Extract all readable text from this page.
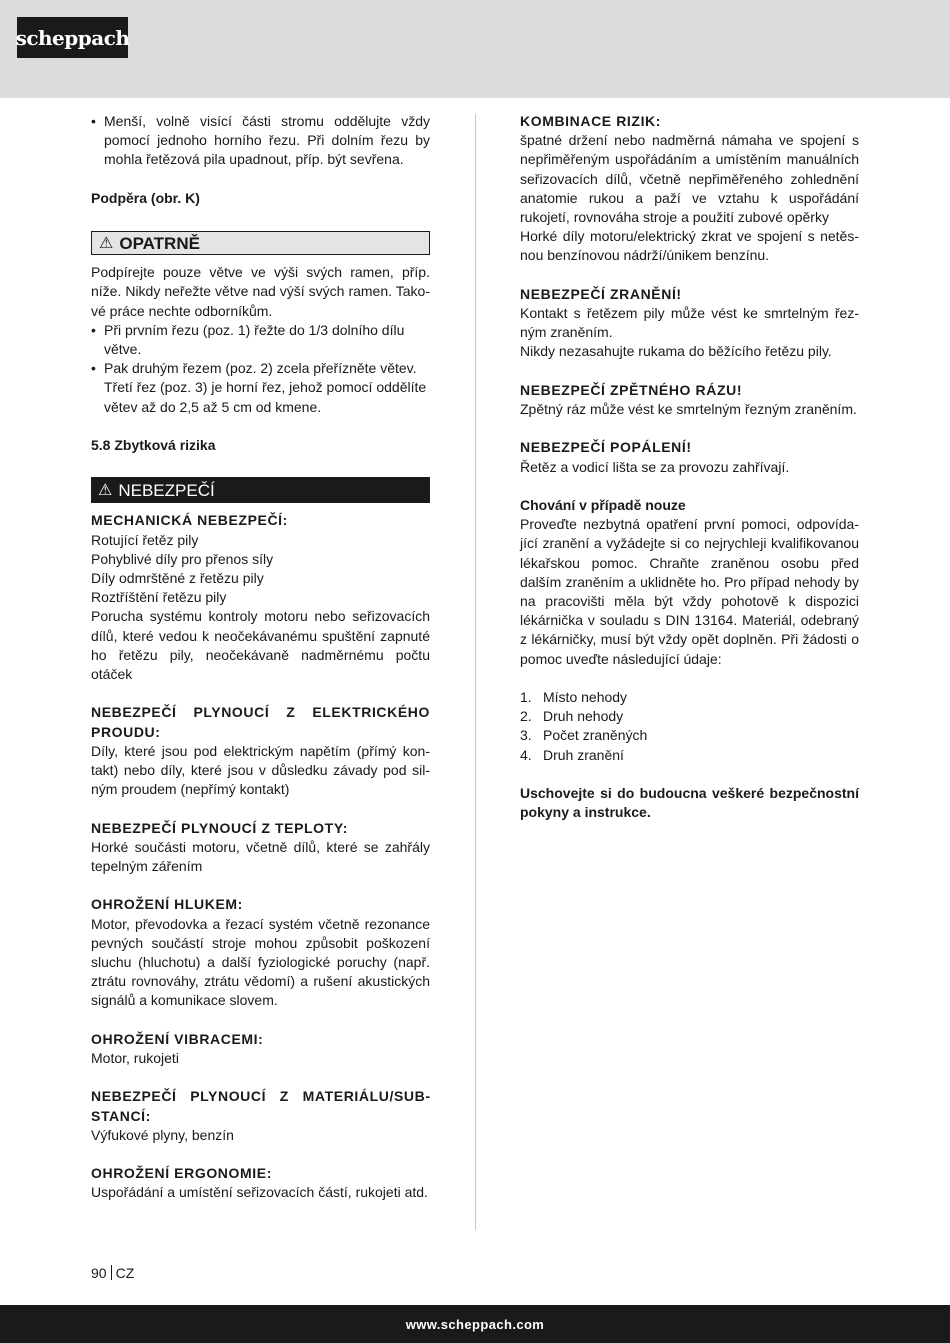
scheppach

• Menší, volně visící části stromu oddělujte vždy pomocí jednoho horního řezu. Při dolním řezu by mohla řetězová pila upadnout, příp. být sevřena.

Podpěra (obr. K)

⚠ OPATRNĚ

Podpírejte pouze větve ve výši svých ramen, příp. níže. Nikdy neřežte větve nad výší svých ramen. Takové práce nechte odborníkům.

• Při prvním řezu (poz. 1) řežte do 1/3 dolního dílu větve.

• Pak druhým řezem (poz. 2) zcela přeřízněte větev. Třetí řez (poz. 3) je horní řez, jehož pomocí oddělíte větev až do 2,5 až 5 cm od kmene.

5.8 Zbytková rizika

⚠ NEBEZPEČÍ

MECHANICKÁ NEBEZPEČÍ:

Rotující řetěz pily

Pohyblivé díly pro přenos síly

Díly odmrštěné z řetězu pily

Roztříštění řetězu pily

Porucha systému kontroly motoru nebo seřizovacích dílů, které vedou k neočekávanému spuštění zapnuté ho řetězu pily, neočekávaně nadměrnému počtu otáček

NEBEZPEČÍ PLYNOUCÍ Z ELEKTRICKÉHO PROUDU:

Díly, které jsou pod elektrickým napětím (přímý kontakt) nebo díly, které jsou v důsledku závady pod silným proudem (nepřímý kontakt)

NEBEZPEČÍ PLYNOUCÍ Z TEPLOTY:

Horké součásti motoru, včetně dílů, které se zahřály tepelným zářením

OHROŽENÍ HLUKEM:

Motor, převodovka a řezací systém včetně rezonance pevných součástí stroje mohou způsobit poškození sluchu (hluchotu) a další fyziologické poruchy (např. ztrátu rovnováhy, ztrátu vědomí) a rušení akustických signálů a komunikace slovem.

OHROŽENÍ VIBRACEMI:

Motor, rukojeti

NEBEZPEČÍ PLYNOUCÍ Z MATERIÁLU/SUBSTANCÍ:

Výfukové plyny, benzín

OHROŽENÍ ERGONOMIE:

Uspořádání a umístění seřizovacích částí, rukojeti atd.

KOMBINACE RIZIK:

špatné držení nebo nadměrná námaha ve spojení s nepřiměřeným uspořádáním a umístěním manuálních seřizovacích dílů, včetně nepřiměřeného zohlednění anatomie rukou a paží ve vztahu k uspořádání rukojetí, rovnováha stroje a použití zubové opěrky

Horké díly motoru/elektrický zkrat ve spojení s netěsnou benzínovou nádrží/únikem benzínu.

NEBEZPEČÍ ZRANĚNÍ!

Kontakt s řetězem pily může vést ke smrtelným řezným zraněním.

Nikdy nezasahujte rukama do běžícího řetězu pily.

NEBEZPEČÍ ZPĚTNÉHO RÁZU!

Zpětný ráz může vést ke smrtelným řezným zraněním.

NEBEZPEČÍ POPÁLENÍ!

Řetěz a vodicí lišta se za provozu zahřívají.

Chování v případě nouze

Proveďte nezbytná opatření první pomoci, odpovídající zranění a vyžádejte si co nejrychleji kvalifikovanou lékařskou pomoc. Chraňte zraněnou osobu před dalším zraněním a uklidněte ho. Pro případ nehody by na pracovišti měla být vždy pohotově k dispozici lékárnička v souladu s DIN 13164. Materiál, odebraný z lékárničky, musí být vždy opět doplněn. Při žádosti o pomoc uveďte následující údaje:

1. Místo nehody

2. Druh nehody

3. Počet zraněných

4. Druh zranění

Uschovejte si do budoucna veškeré bezpečnostní pokyny a instrukce.

90 CZ
www.scheppach.com
